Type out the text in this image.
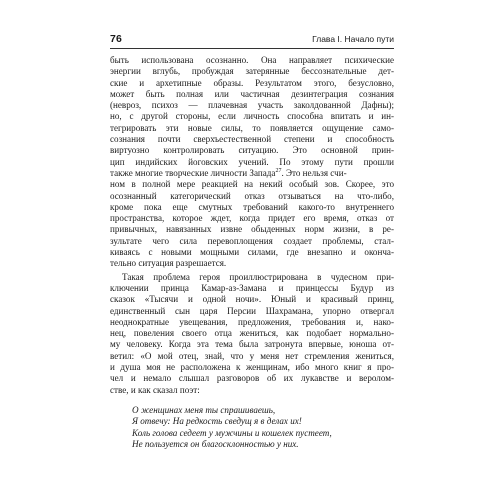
76	Глава I. Начало пути
быть использована осознанно. Она направляет психические
энергии вглубь, пробуждая затерянные бессознательные дет-
ские и архетипные образы. Результатом этого, безусловно,
может быть полная или частичная дезинтеграция сознания
(невроз, психоз — плачевная участь заколдованной Дафны);
но, с другой стороны, если личность способна впитать и ин-
тегрировать эти новые силы, то появляется ощущение само-
сознания почти сверхъестественной степени и способность
виртуозно контролировать ситуацию. Это основной прин-
цип индийских йоговских учений. По этому пути прошли
также многие творческие личности Запада$^{27}$. Это нельзя счи-
ном в полной мере реакцией на некий особый зов. Скорее, это
осознанный категорический отказ отзываться на что-либо,
кроме пока еще смутных требований какого-то внутреннего
пространства, которое ждет, когда придет его время, отказ от
привычных, навязанных извне обыденных норм жизни, в ре-
зультате чего сила перевоплощения создает проблемы, стал-
киваясь с новыми мощными силами, где внезапно и оконча-
тельно ситуация разрешается.
Такая проблема героя проиллюстрирована в чудесном при-
ключении принца Камар-аз-Замана и принцессы Будур из
сказок «Тысячи и одной ночи». Юный и красивый принц,
единственный сын царя Персии Шахрамана, упорно отвергал
неоднократные увещевания, предложения, требования и, нако-
нец, повеления своего отца жениться, как подобает нормально-
му человеку. Когда эта тема была затронута впервые, юноша от-
ветил: «О мой отец, знай, что у меня нет стремления жениться,
и душа моя не расположена к женщинам, ибо много книг я про-
чел и немало слышал разговоров об их лукавстве и веролом-
стве, и как сказал поэт:
О женщинах меня ты спрашиваешь,
Я отвечу: На редкость сведущ я в делах их!
Коль голова седеет у мужчины и кошелек пустеет,
Не пользуется он благосклонностью у них.
